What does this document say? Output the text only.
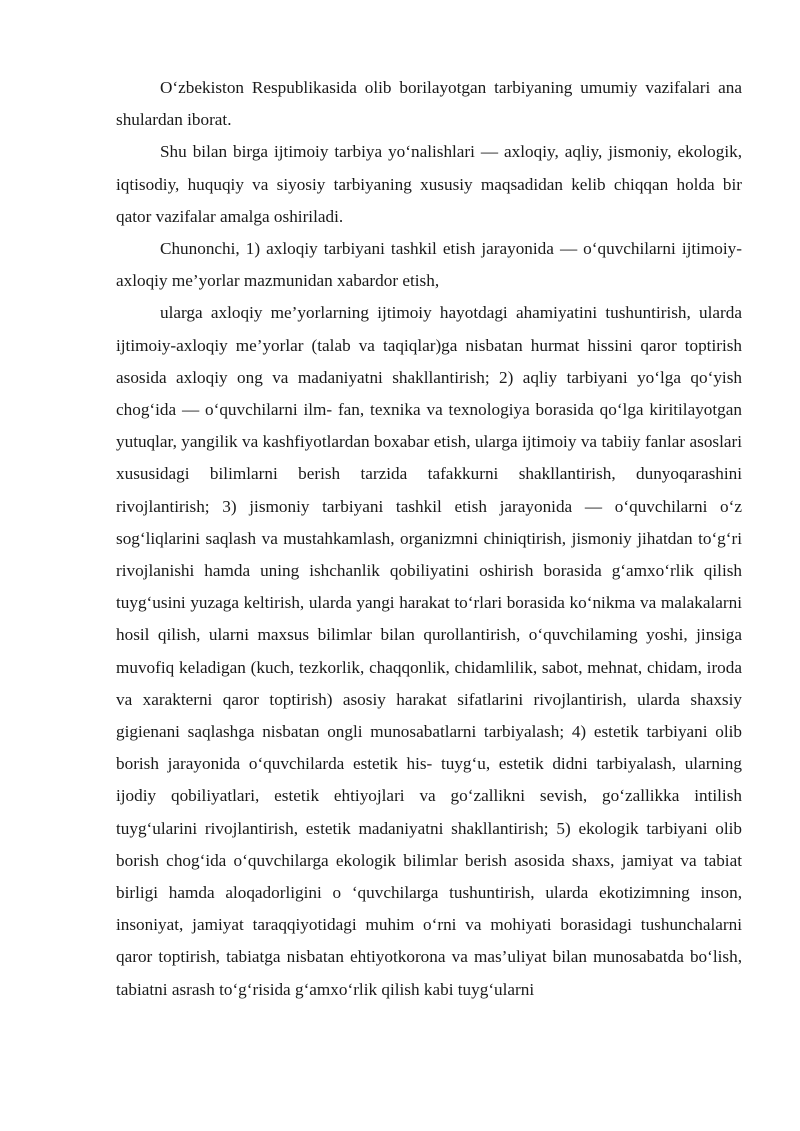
O‘zbekiston Respublikasida olib borilayotgan tarbiyaning umumiy vazifalari ana shulardan iborat.

Shu bilan birga ijtimoiy tarbiya yo‘nalishlari — axloqiy, aqliy, jismoniy, ekologik, iqtisodiy, huquqiy va siyosiy tarbiyaning xususiy maqsadidan kelib chiqqan holda bir qator vazifalar amalga oshiriladi.

Chunonchi, 1) axloqiy tarbiyani tashkil etish jarayonida — o‘quvchilarni ijtimoiy-axloqiy me’yorlar mazmunidan xabardor etish,

ularga axloqiy me’yorlarning ijtimoiy hayotdagi ahamiyatini tushuntirish, ularda ijtimoiy-axloqiy me’yorlar (talab va taqiqlar)ga nisbatan hurmat hissini qaror toptirish asosida axloqiy ong va madaniyatni shakllantirish; 2) aqliy tarbiyani yo‘lga qo‘yish chog‘ida — o‘quvchilarni ilm- fan, texnika va texnologiya borasida qo‘lga kiritilayotgan yutuqlar, yangilik va kashfiyotlardan boxabar etish, ularga ijtimoiy va tabiiy fanlar asoslari xususidagi bilimlarni berish tarzida tafakkurni shakllantirish, dunyoqarashini rivojlantirish; 3) jismoniy tarbiyani tashkil etish jarayonida — o‘quvchilarni o‘z sog‘liqlarini saqlash va mustahkamlash, organizmni chiniqtirish, jismoniy jihatdan to‘g‘ri rivojlanishi hamda uning ishchanlik qobiliyatini oshirish borasida g‘amxo‘rlik qilish tuyg‘usini yuzaga keltirish, ularda yangi harakat to‘rlari borasida ko‘nikma va malakalarni hosil qilish, ularni maxsus bilimlar bilan qurollantirish, o‘quvchilaming yoshi, jinsiga muvofiq keladigan (kuch, tezkorlik, chaqqonlik, chidamlilik, sabot, mehnat, chidam, iroda va xarakterni qaror toptirish) asosiy harakat sifatlarini rivojlantirish, ularda shaxsiy gigienani saqlashga nisbatan ongli munosabatlarni tarbiyalash; 4) estetik tarbiyani olib borish jarayonida o‘quvchilarda estetik his- tuyg‘u, estetik didni tarbiyalash, ularning ijodiy qobiliyatlari, estetik ehtiyojlari va go‘zallikni sevish, go‘zallikka intilish tuyg‘ularini rivojlantirish, estetik madaniyatni shakllantirish; 5) ekologik tarbiyani olib borish chog‘ida o‘quvchilarga ekologik bilimlar berish asosida shaxs, jamiyat va tabiat birligi hamda aloqadorligini o ‘quvchilarga tushuntirish, ularda ekotizimning inson, insoniyat, jamiyat taraqqiyotidagi muhim o‘rni va mohiyati borasidagi tushunchalarni qaror toptirish, tabiatga nisbatan ehtiyotkorona va mas’uliyat bilan munosabatda bo‘lish, tabiatni asrash to‘g‘risida g‘amxo‘rlik qilish kabi tuyg‘ularni
